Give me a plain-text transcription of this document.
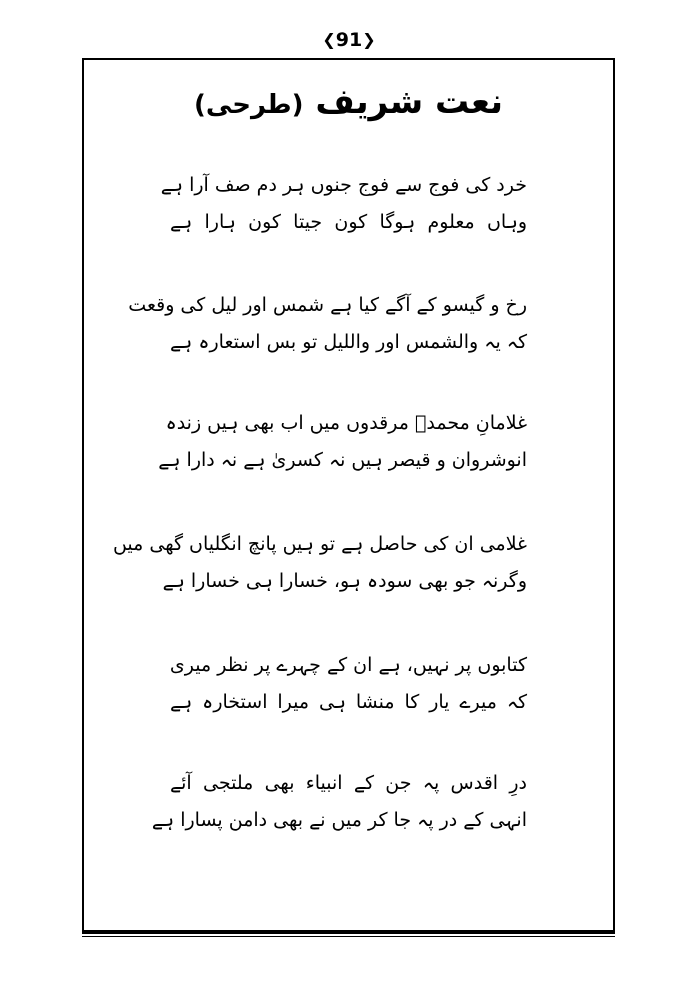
❮91❯
نعت شریف (طرحی)
خرد کی فوج سے فوج جنوں ہر دم صف آرا ہے
وہاں معلوم ہوگا کون جیتا کون ہارا ہے
رخ و گیسو کے آگے کیا ہے شمس اور لیل کی وقعت
کہ یہ والشمس اور واللیل تو بس استعارہ ہے
غلامانِ محمدؐ مرقدوں میں اب بھی ہیں زندہ
انوشروان و قیصر ہیں نہ کسریٰ ہے نہ دارا ہے
غلامی ان کی حاصل ہے تو ہیں پانچ انگلیاں گھی میں
وگرنہ جو بھی سودہ ہو، خسارا ہی خسارا ہے
کتابوں پر نہیں، ہے ان کے چہرے پر نظر میری
کہ میرے یار کا منشا ہی میرا استخارہ ہے
درِ اقدس پہ جن کے انبیاء بھی ملتجی آئے
انہی کے در پہ جا کر میں نے بھی دامن پسارا ہے
